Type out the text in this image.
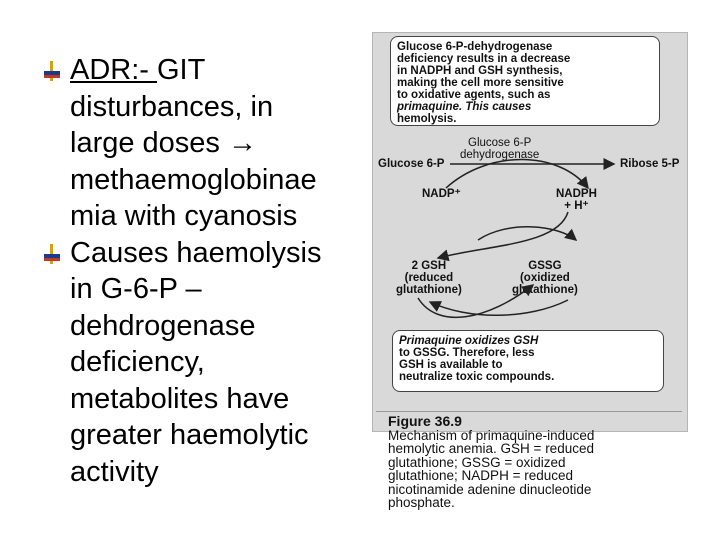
ADR:- GIT
disturbances, in
large doses →
methaemoglobinae
mia with cyanosis
Causes haemolysis
in G-6-P –
dehdrogenase
deficiency,
metabolites have
greater haemolytic
activity
Glucose 6-P-dehydrogenase
deficiency results in a decrease
in NADPH and GSH synthesis,
making the cell more sensitive
to oxidative agents, such as
primaquine. This causes
hemolysis.
Glucose 6-P
dehydrogenase
Glucose 6-P	Ribose 5-P
NADP⁺	NADPH
+ H⁺
2 GSH
(reduced
glutathione)
GSSG
(oxidized
glutathione)
Primaquine oxidizes GSH
to GSSG. Therefore, less
GSH is available to
neutralize toxic compounds.
Figure 36.9
Mechanism of primaquine-induced
hemolytic anemia. GSH = reduced
glutathione; GSSG = oxidized
glutathione; NADPH = reduced
nicotinamide adenine dinucleotide
phosphate.
